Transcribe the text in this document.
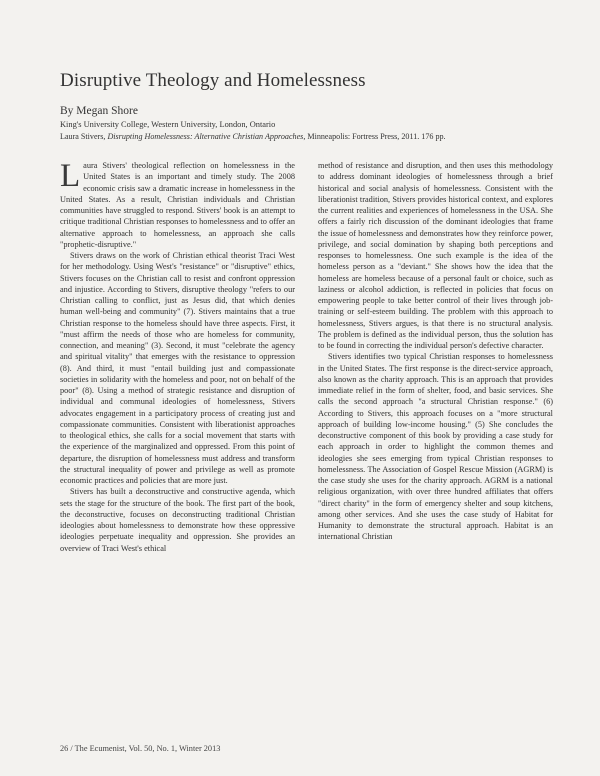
Disruptive Theology and Homelessness
By Megan Shore
King's University College, Western University, London, Ontario
Laura Stivers, Disrupting Homelessness: Alternative Christian Approaches, Minneapolis: Fortress Press, 2011. 176 pp.

Laura Stivers' theological reflection on homelessness in the United States is an important and timely study. The 2008 economic crisis saw a dramatic increase in homelessness in the United States. As a result, Christian individuals and Christian communities have struggled to respond. Stivers' book is an attempt to critique traditional Christian responses to homelessness and to offer an alternative approach to homelessness, an approach she calls "prophetic-disruptive."

Stivers draws on the work of Christian ethical theorist Traci West for her methodology. Using West's "resistance" or "disruptive" ethics, Stivers focuses on the Christian call to resist and confront oppression and injustice. According to Stivers, disruptive theology "refers to our Christian calling to conflict, just as Jesus did, that which denies human well-being and community" (7). Stivers maintains that a true Christian response to the homeless should have three aspects. First, it "must affirm the needs of those who are homeless for community, connection, and meaning" (3). Second, it must "celebrate the agency and spiritual vitality" that emerges with the resistance to oppression (8). And third, it must "entail building just and compassionate societies in solidarity with the homeless and poor, not on behalf of the poor" (8). Using a method of strategic resistance and disruption of individual and communal ideologies of homelessness, Stivers advocates engagement in a participatory process of creating just and compassionate communities. Consistent with liberationist approaches to theological ethics, she calls for a social movement that starts with the experience of the marginalized and oppressed. From this point of departure, the disruption of homelessness must address and transform the structural inequality of power and privilege as well as promote economic practices and policies that are more just.

Stivers has built a deconstructive and constructive agenda, which sets the stage for the structure of the book. The first part of the book, the deconstructive, focuses on deconstructing traditional Christian ideologies about homelessness to demonstrate how these oppressive ideologies perpetuate inequality and oppression. She provides an overview of Traci West's ethical

method of resistance and disruption, and then uses this methodology to address dominant ideologies of homelessness through a brief historical and social analysis of homelessness. Consistent with the liberationist tradition, Stivers provides historical context, and explores the current realities and experiences of homelessness in the USA. She offers a fairly rich discussion of the dominant ideologies that frame the issue of homelessness and demonstrates how they reinforce power, privilege, and social domination by shaping both perceptions and responses to homelessness. One such example is the idea of the homeless person as a "deviant." She shows how the idea that the homeless are homeless because of a personal fault or choice, such as laziness or alcohol addiction, is reflected in policies that focus on empowering people to take better control of their lives through job-training or self-esteem building. The problem with this approach to homelessness, Stivers argues, is that there is no structural analysis. The problem is defined as the individual person, thus the solution has to be found in correcting the individual person's defective character.

Stivers identifies two typical Christian responses to homelessness in the United States. The first response is the direct-service approach, also known as the charity approach. This is an approach that provides immediate relief in the form of shelter, food, and basic services. She calls the second approach "a structural Christian response." (6) According to Stivers, this approach focuses on a "more structural approach of building low-income housing." (5) She concludes the deconstructive component of this book by providing a case study for each approach in order to highlight the common themes and ideologies she sees emerging from typical Christian responses to homelessness. The Association of Gospel Rescue Mission (AGRM) is the case study she uses for the charity approach. AGRM is a national religious organization, with over three hundred affiliates that offers "direct charity" in the form of emergency shelter and soup kitchens, among other services. And she uses the case study of Habitat for Humanity to demonstrate the structural approach. Habitat is an international Christian

26 / The Ecumenist, Vol. 50, No. 1, Winter 2013
